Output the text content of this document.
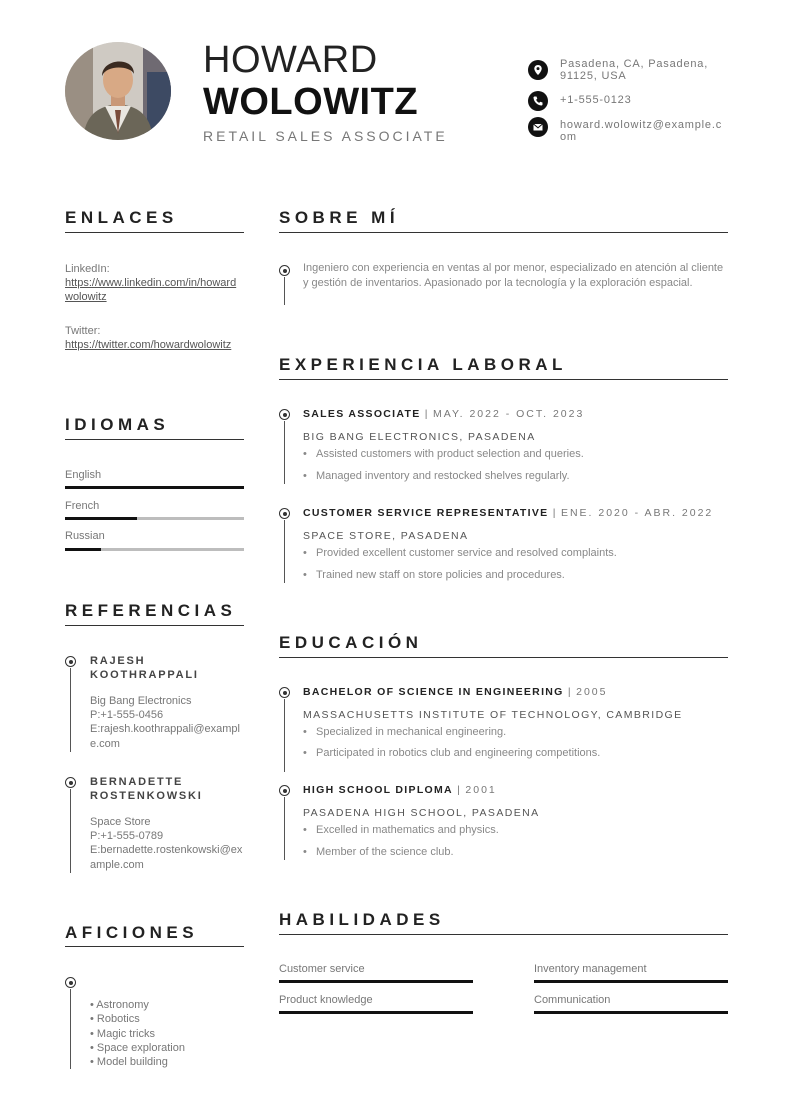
HOWARD
WOLOWITZ
RETAIL SALES ASSOCIATE
Pasadena, CA, Pasadena, 91125, USA
+1-555-0123
howard.wolowitz@example.com
ENLACES
LinkedIn:
https://www.linkedin.com/in/howardwolowitz
Twitter:
https://twitter.com/howardwolowitz
IDIOMAS
English
French
Russian
REFERENCIAS
RAJESH KOOTHRAPPALI
Big Bang Electronics
P:+1-555-0456
E:rajesh.koothrappali@example.com
BERNADETTE ROSTENKOWSKI
Space Store
P:+1-555-0789
E:bernadette.rostenkowski@example.com
AFICIONES
• Astronomy
• Robotics
• Magic tricks
• Space exploration
• Model building
SOBRE MÍ
Ingeniero con experiencia en ventas al por menor, especializado en atención al cliente y gestión de inventarios. Apasionado por la tecnología y la exploración espacial.
EXPERIENCIA LABORAL
SALES ASSOCIATE | MAY. 2022 - OCT. 2023
BIG BANG ELECTRONICS, PASADENA
• Assisted customers with product selection and queries.
• Managed inventory and restocked shelves regularly.
CUSTOMER SERVICE REPRESENTATIVE | ENE. 2020 - ABR. 2022
SPACE STORE, PASADENA
• Provided excellent customer service and resolved complaints.
• Trained new staff on store policies and procedures.
EDUCACIÓN
BACHELOR OF SCIENCE IN ENGINEERING | 2005
MASSACHUSETTS INSTITUTE OF TECHNOLOGY, CAMBRIDGE
• Specialized in mechanical engineering.
• Participated in robotics club and engineering competitions.
HIGH SCHOOL DIPLOMA | 2001
PASADENA HIGH SCHOOL, PASADENA
• Excelled in mathematics and physics.
• Member of the science club.
HABILIDADES
Customer service	Inventory management
Product knowledge	Communication
